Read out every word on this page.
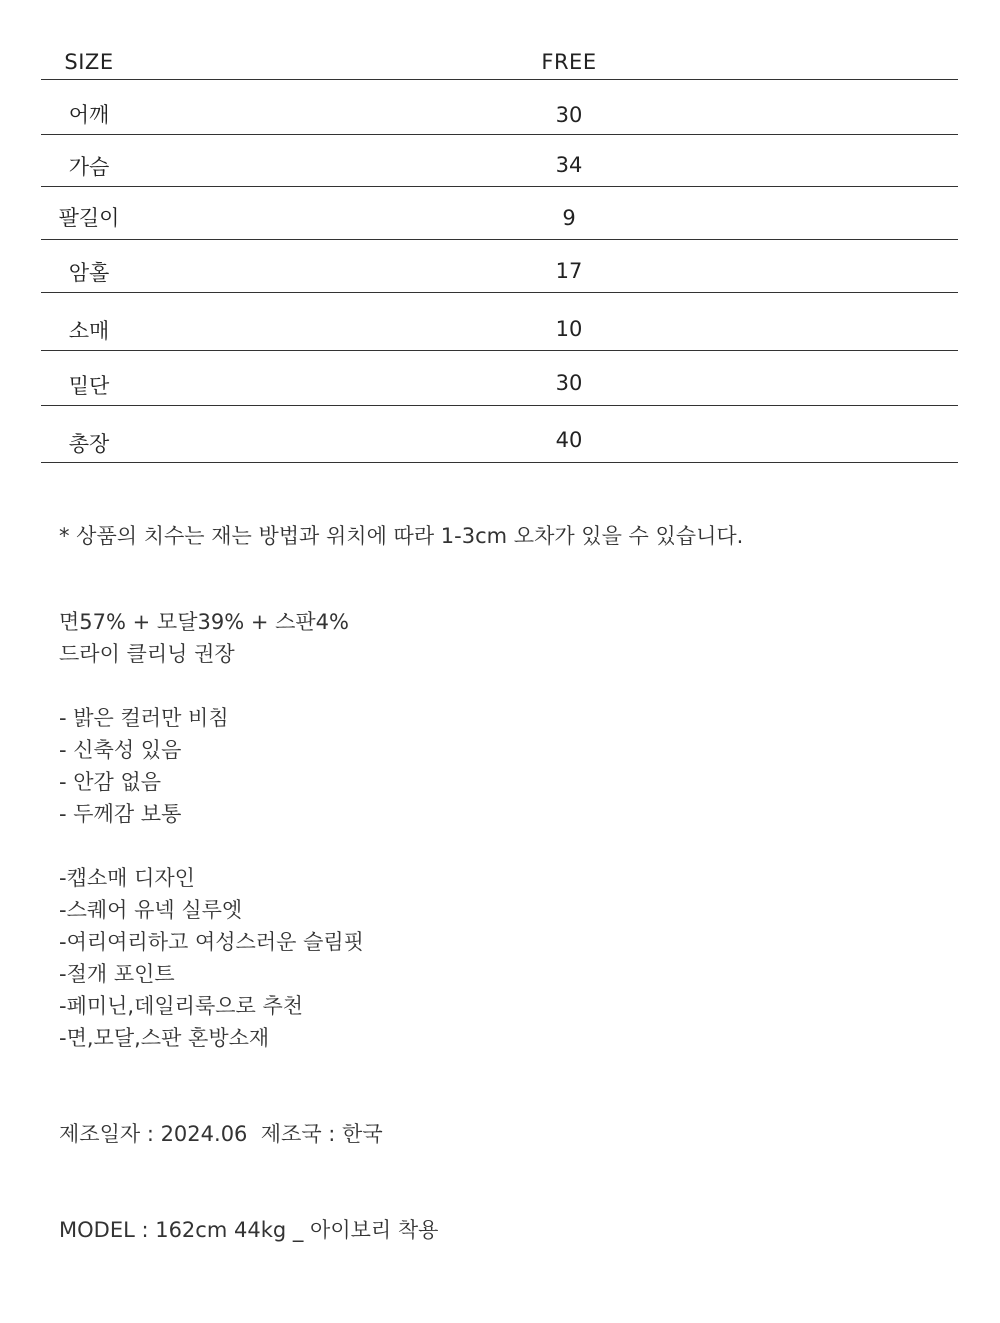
SIZE	FREE
어깨	30
가슴	34
팔길이	9
암홀	17
소매	10
밑단	30
총장	40
* 상품의 치수는 재는 방법과 위치에 따라 1-3cm 오차가 있을 수 있습니다.
면57% + 모달39% + 스판4%
드라이 클리닝 권장
- 밝은 컬러만 비침
- 신축성 있음
- 안감 없음
- 두께감 보통
-캡소매 디자인
-스퀘어 유넥 실루엣
-여리여리하고 여성스러운 슬림핏
-절개 포인트
-페미닌,데일리룩으로 추천
-면,모달,스판 혼방소재
제조일자 : 2024.06  제조국 : 한국
MODEL : 162cm 44kg _ 아이보리 착용
